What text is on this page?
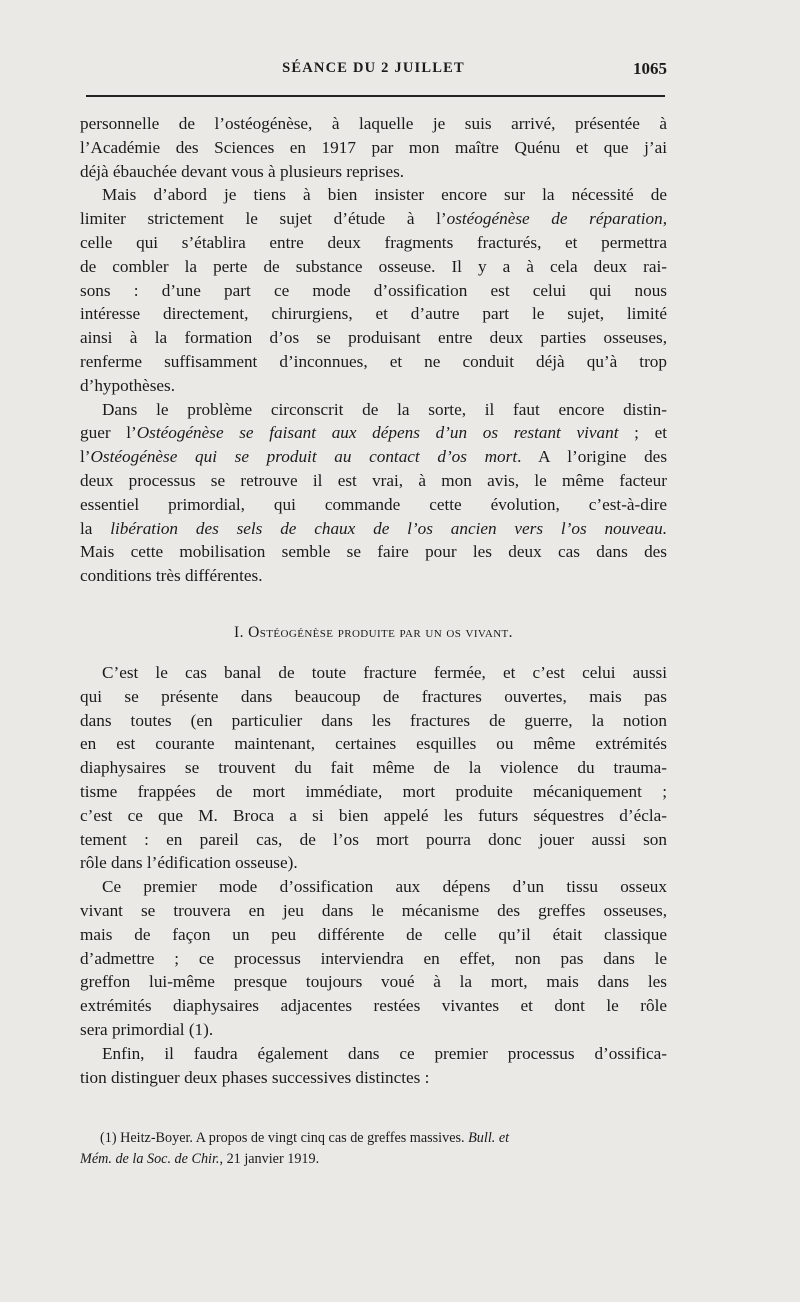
SÉANCE DU 2 JUILLET	1065
personnelle de l’ostéogénèse, à laquelle je suis arrivé, présentée à
l’Académie des Sciences en 1917 par mon maître Quénu et que j’ai
déjà ébauchée devant vous à plusieurs reprises.
Mais d’abord je tiens à bien insister encore sur la nécessité de
limiter strictement le sujet d’étude à l’ostéogénèse de réparation,
celle qui s’établira entre deux fragments fracturés, et permettra
de combler la perte de substance osseuse. Il y a à cela deux rai-
sons : d’une part ce mode d’ossification est celui qui nous
intéresse directement, chirurgiens, et d’autre part le sujet, limité
ainsi à la formation d’os se produisant entre deux parties osseuses,
renferme suffisamment d’inconnues, et ne conduit déjà qu’à trop
d’hypothèses.
Dans le problème circonscrit de la sorte, il faut encore distin-
guer l’Ostéogénèse se faisant aux dépens d’un os restant vivant ; et
l’Ostéogénèse qui se produit au contact d’os mort. A l’origine des
deux processus se retrouve il est vrai, à mon avis, le même facteur
essentiel primordial, qui commande cette évolution, c’est-à-dire
la libération des sels de chaux de l’os ancien vers l’os nouveau.
Mais cette mobilisation semble se faire pour les deux cas dans des
conditions très différentes.
I. Ostéogénèse produite par un os vivant.
C’est le cas banal de toute fracture fermée, et c’est celui aussi
qui se présente dans beaucoup de fractures ouvertes, mais pas
dans toutes (en particulier dans les fractures de guerre, la notion
en est courante maintenant, certaines esquilles ou même extrémités
diaphysaires se trouvent du fait même de la violence du trauma-
tisme frappées de mort immédiate, mort produite mécaniquement ;
c’est ce que M. Broca a si bien appelé les futurs séquestres d’écla-
tement : en pareil cas, de l’os mort pourra donc jouer aussi son
rôle dans l’édification osseuse).
Ce premier mode d’ossification aux dépens d’un tissu osseux
vivant se trouvera en jeu dans le mécanisme des greffes osseuses,
mais de façon un peu différente de celle qu’il était classique
d’admettre ; ce processus interviendra en effet, non pas dans le
greffon lui-même presque toujours voué à la mort, mais dans les
extrémités diaphysaires adjacentes restées vivantes et dont le rôle
sera primordial (1).
Enfin, il faudra également dans ce premier processus d’ossifica-
tion distinguer deux phases successives distinctes :
(1) Heitz-Boyer. A propos de vingt cinq cas de greffes massives. Bull. et
Mém. de la Soc. de Chir., 21 janvier 1919.
